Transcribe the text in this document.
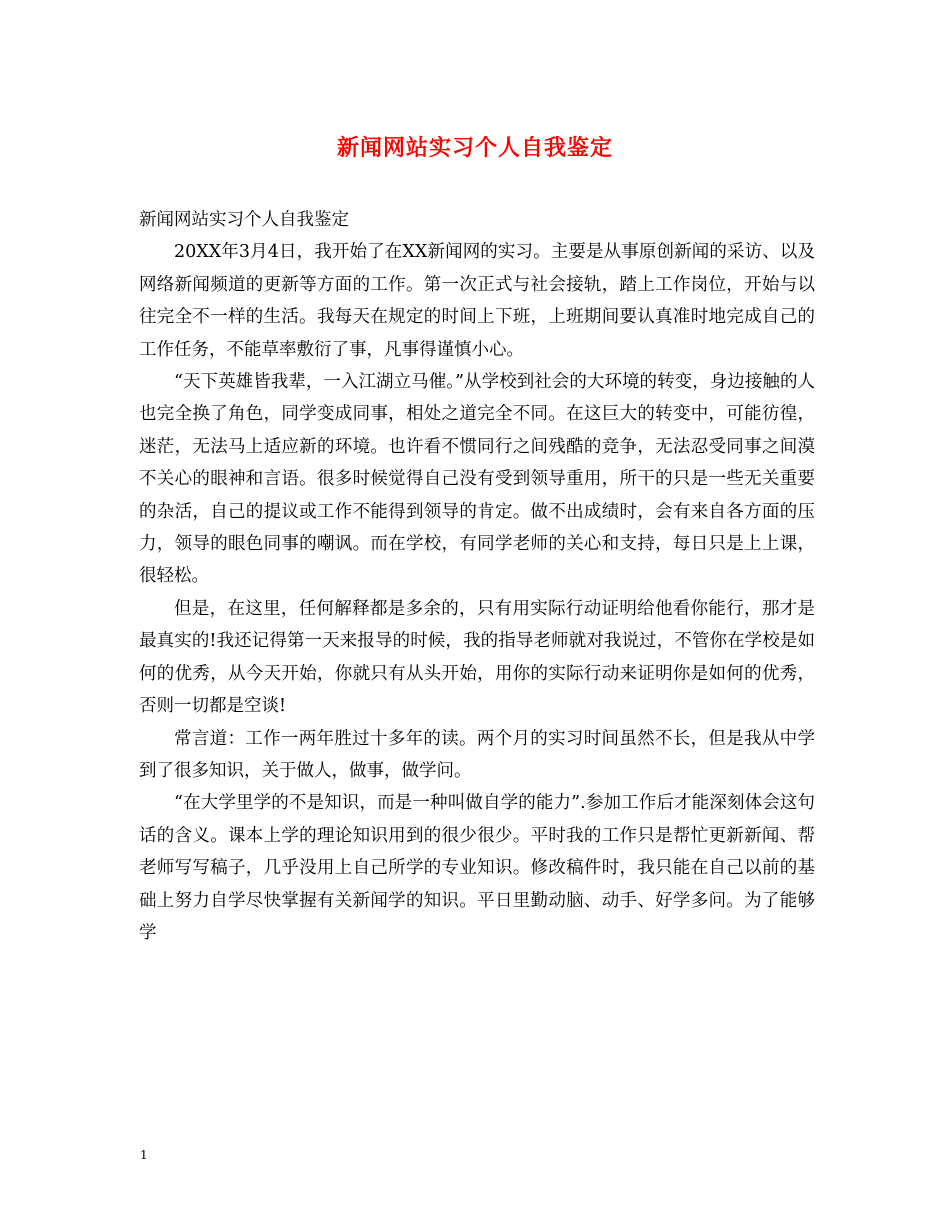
新闻网站实习个人自我鉴定

新闻网站实习个人自我鉴定

20XX年3月4日，我开始了在XX新闻网的实习。主要是从事原创新闻的采访、以及网络新闻频道的更新等方面的工作。第一次正式与社会接轨，踏上工作岗位，开始与以往完全不一样的生活。我每天在规定的时间上下班，上班期间要认真准时地完成自己的工作任务，不能草率敷衍了事，凡事得谨慎小心。

“天下英雄皆我辈，一入江湖立马催。”从学校到社会的大环境的转变，身边接触的人也完全换了角色，同学变成同事，相处之道完全不同。在这巨大的转变中，可能彷徨，迷茫，无法马上适应新的环境。也许看不惯同行之间残酷的竞争，无法忍受同事之间漠不关心的眼神和言语。很多时候觉得自己没有受到领导重用，所干的只是一些无关重要的杂活，自己的提议或工作不能得到领导的肯定。做不出成绩时，会有来自各方面的压力，领导的眼色同事的嘲讽。而在学校，有同学老师的关心和支持，每日只是上上课，很轻松。

但是，在这里，任何解释都是多余的，只有用实际行动证明给他看你能行，那才是最真实的!我还记得第一天来报导的时候，我的指导老师就对我说过，不管你在学校是如何的优秀，从今天开始，你就只有从头开始，用你的实际行动来证明你是如何的优秀，否则一切都是空谈!

常言道：工作一两年胜过十多年的读。两个月的实习时间虽然不长，但是我从中学到了很多知识，关于做人，做事，做学问。

“在大学里学的不是知识，而是一种叫做自学的能力”.参加工作后才能深刻体会这句话的含义。课本上学的理论知识用到的很少很少。平时我的工作只是帮忙更新新闻、帮老师写写稿子，几乎没用上自己所学的专业知识。修改稿件时，我只能在自己以前的基础上努力自学尽快掌握有关新闻学的知识。平日里勤动脑、动手、好学多问。为了能够学

1
